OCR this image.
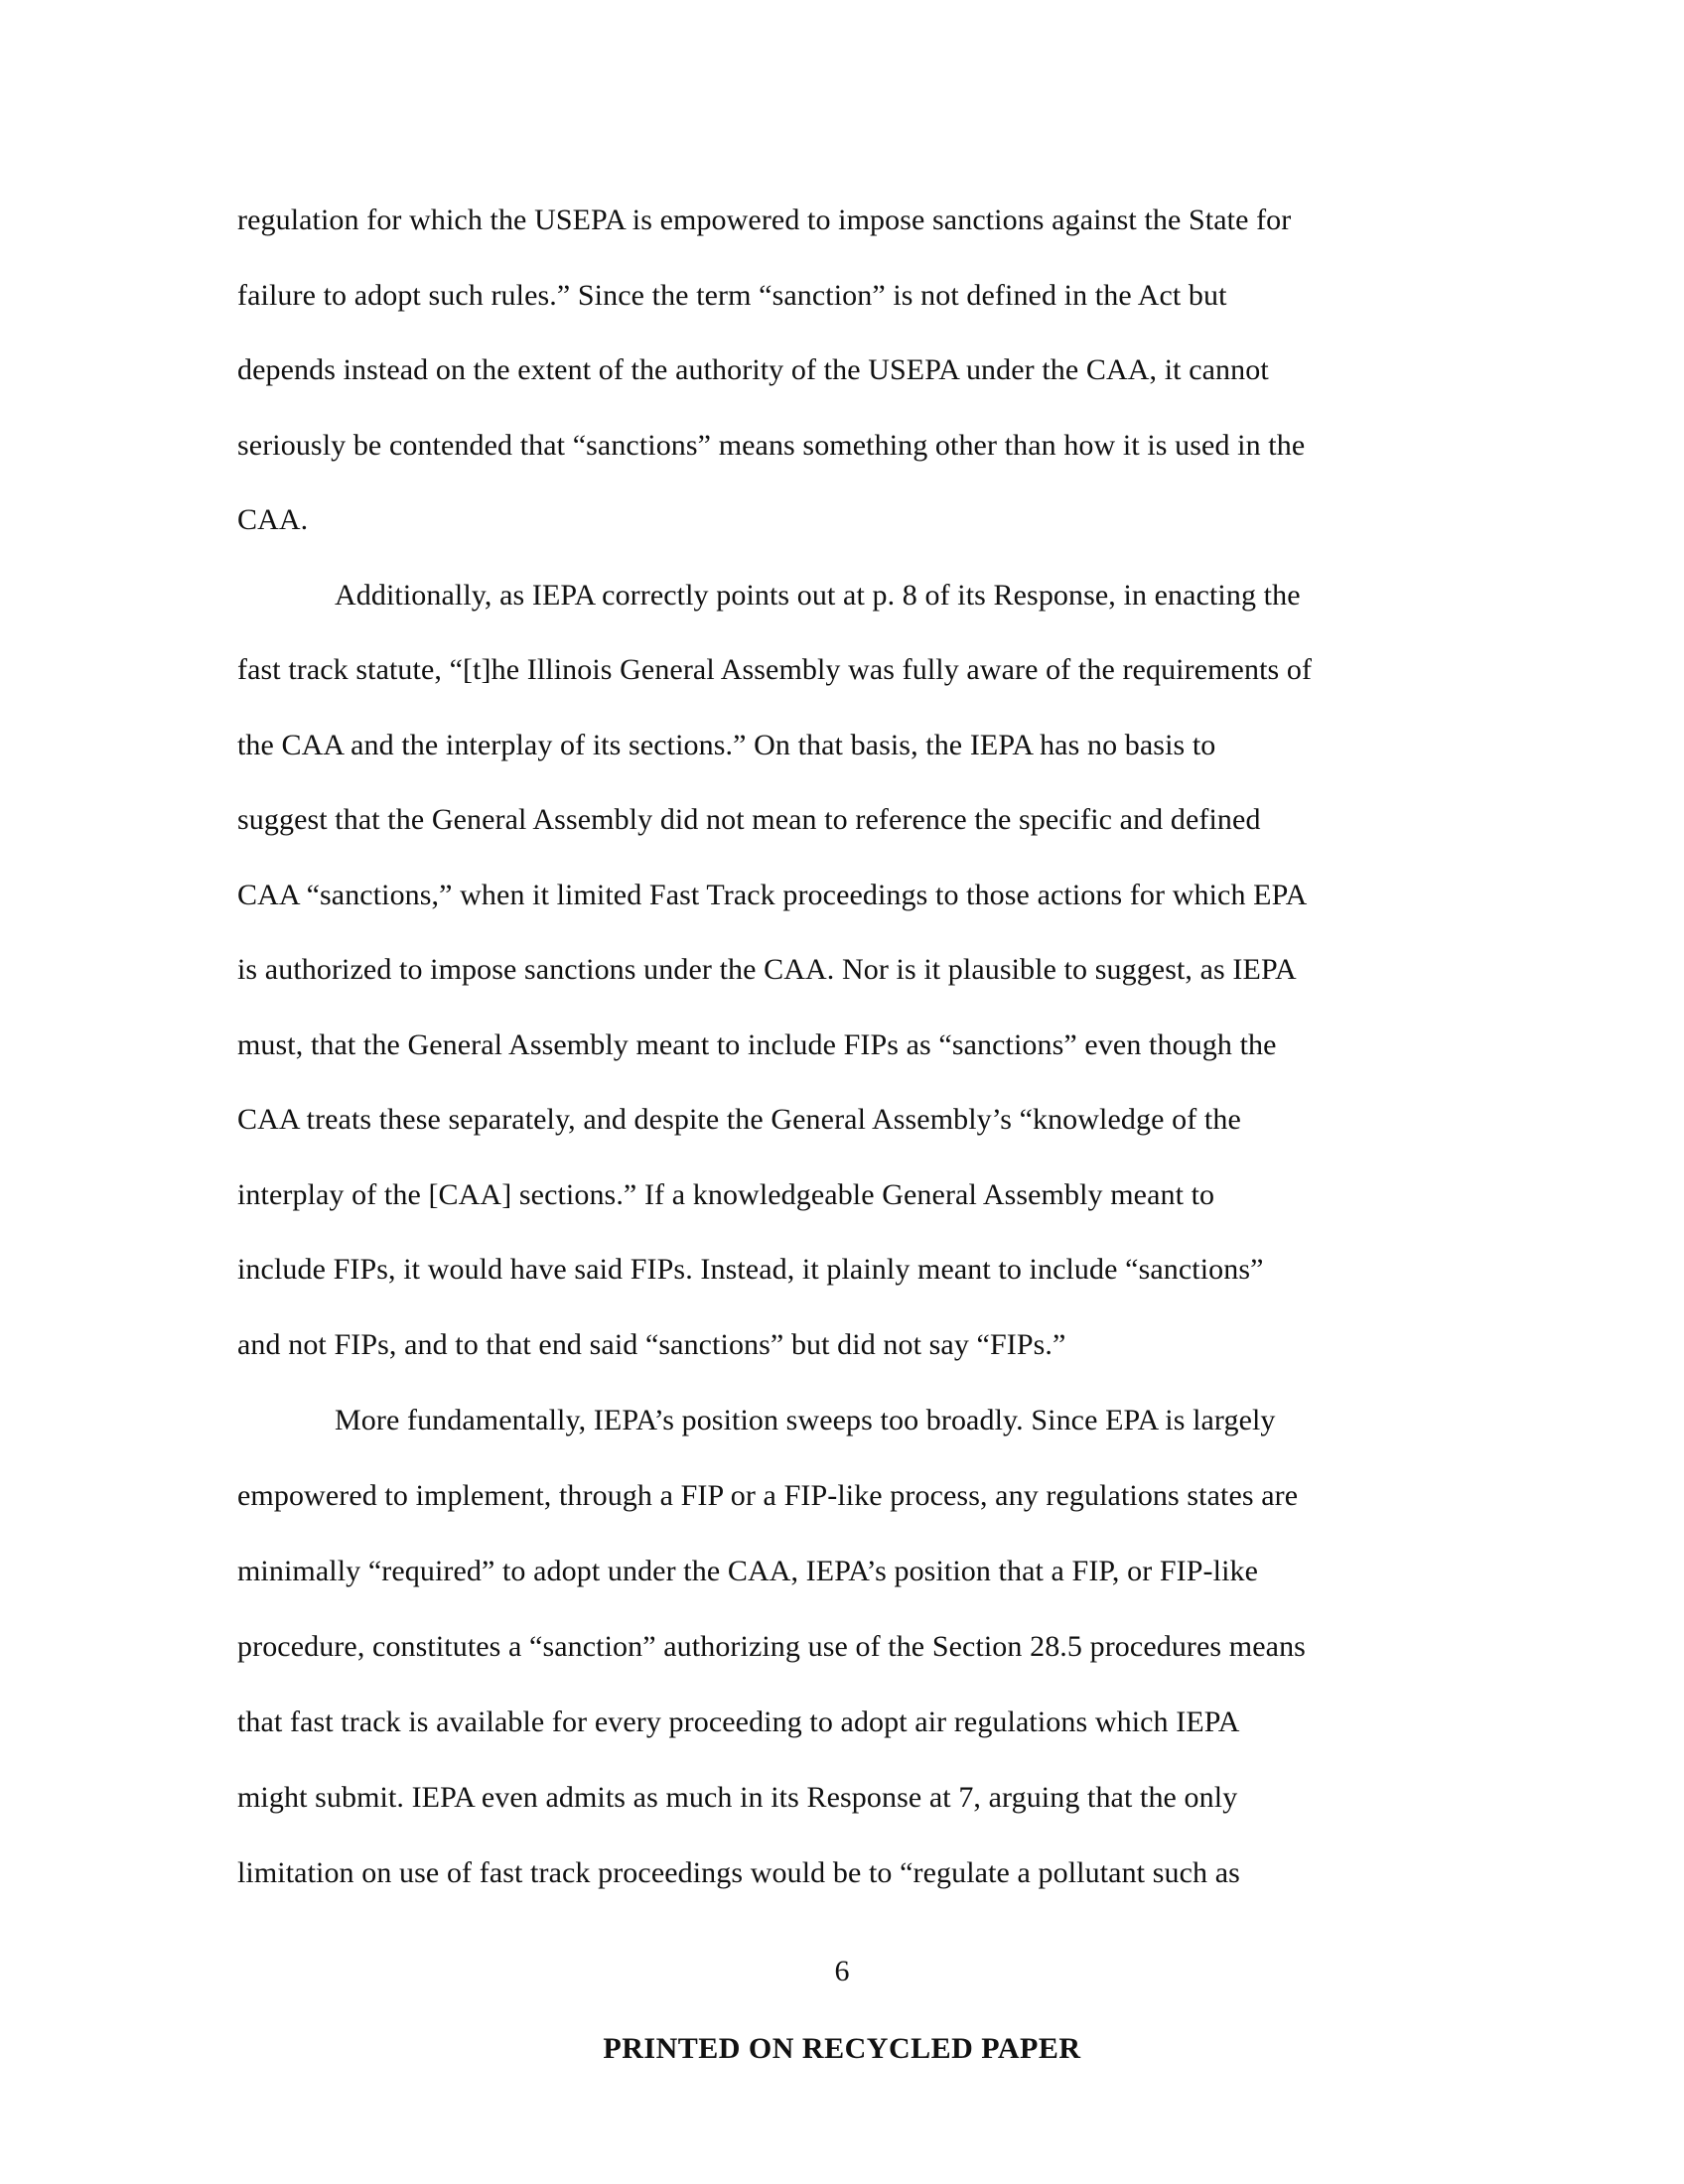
regulation for which the USEPA is empowered to impose sanctions against the State for
failure to adopt such rules.” Since the term “sanction” is not defined in the Act but
depends instead on the extent of the authority of the USEPA under the CAA, it cannot
seriously be contended that “sanctions” means something other than how it is used in the
CAA.
Additionally, as IEPA correctly points out at p. 8 of its Response, in enacting the
fast track statute, “[t]he Illinois General Assembly was fully aware of the requirements of
the CAA and the interplay of its sections.” On that basis, the IEPA has no basis to
suggest that the General Assembly did not mean to reference the specific and defined
CAA “sanctions,” when it limited Fast Track proceedings to those actions for which EPA
is authorized to impose sanctions under the CAA. Nor is it plausible to suggest, as IEPA
must, that the General Assembly meant to include FIPs as “sanctions” even though the
CAA treats these separately, and despite the General Assembly’s “knowledge of the
interplay of the [CAA] sections.” If a knowledgeable General Assembly meant to
include FIPs, it would have said FIPs. Instead, it plainly meant to include “sanctions”
and not FIPs, and to that end said “sanctions” but did not say “FIPs.”
More fundamentally, IEPA’s position sweeps too broadly. Since EPA is largely
empowered to implement, through a FIP or a FIP-like process, any regulations states are
minimally “required” to adopt under the CAA, IEPA’s position that a FIP, or FIP-like
procedure, constitutes a “sanction” authorizing use of the Section 28.5 procedures means
that fast track is available for every proceeding to adopt air regulations which IEPA
might submit. IEPA even admits as much in its Response at 7, arguing that the only
limitation on use of fast track proceedings would be to “regulate a pollutant such as
6
PRINTED ON RECYCLED PAPER
